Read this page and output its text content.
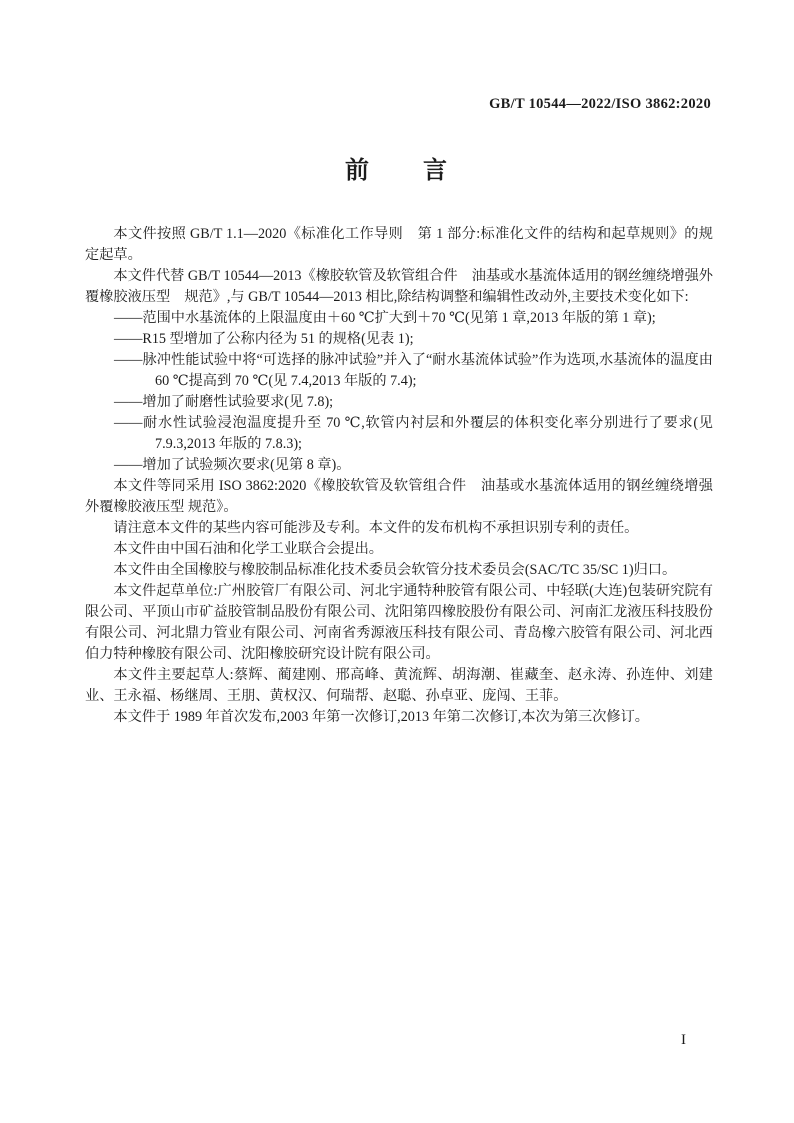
GB/T 10544—2022/ISO 3862:2020
前　　言

本文件按照 GB/T 1.1—2020《标准化工作导则　第 1 部分:标准化文件的结构和起草规则》的规定起草。

本文件代替 GB/T 10544—2013《橡胶软管及软管组合件　油基或水基流体适用的钢丝缠绕增强外覆橡胶液压型　规范》,与 GB/T 10544—2013 相比,除结构调整和编辑性改动外,主要技术变化如下:

——范围中水基流体的上限温度由＋60 ℃扩大到＋70 ℃(见第 1 章,2013 年版的第 1 章);

——R15 型增加了公称内径为 51 的规格(见表 1);

——脉冲性能试验中将“可选择的脉冲试验”并入了“耐水基流体试验”作为选项,水基流体的温度由 60 ℃提高到 70 ℃(见 7.4,2013 年版的 7.4);

——增加了耐磨性试验要求(见 7.8);

——耐水性试验浸泡温度提升至 70 ℃,软管内衬层和外覆层的体积变化率分别进行了要求(见 7.9.3,2013 年版的 7.8.3);

——增加了试验频次要求(见第 8 章)。

本文件等同采用 ISO 3862:2020《橡胶软管及软管组合件　油基或水基流体适用的钢丝缠绕增强外覆橡胶液压型 规范》。

请注意本文件的某些内容可能涉及专利。本文件的发布机构不承担识别专利的责任。

本文件由中国石油和化学工业联合会提出。

本文件由全国橡胶与橡胶制品标准化技术委员会软管分技术委员会(SAC/TC 35/SC 1)归口。

本文件起草单位:广州胶管厂有限公司、河北宇通特种胶管有限公司、中轻联(大连)包装研究院有限公司、平顶山市矿益胶管制品股份有限公司、沈阳第四橡胶股份有限公司、河南汇龙液压科技股份有限公司、河北鼎力管业有限公司、河南省秀源液压科技有限公司、青岛橡六胶管有限公司、河北西伯力特种橡胶有限公司、沈阳橡胶研究设计院有限公司。

本文件主要起草人:蔡辉、蔺建刚、邢高峰、黄流辉、胡海潮、崔藏奎、赵永涛、孙连仲、刘建业、王永福、杨继周、王朋、黄权汉、何瑞帮、赵聪、孙卓亚、庞闯、王菲。

本文件于 1989 年首次发布,2003 年第一次修订,2013 年第二次修订,本次为第三次修订。

I
